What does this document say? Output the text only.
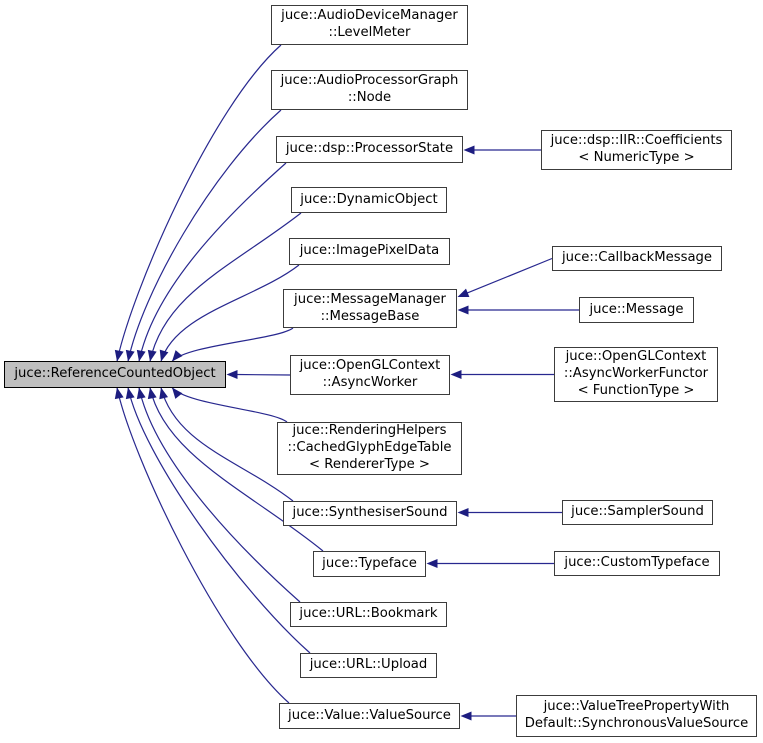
juce::ReferenceCountedObject
juce::AudioDeviceManager
::LevelMeter
juce::AudioProcessorGraph
::Node
juce::dsp::ProcessorState
juce::DynamicObject
juce::ImagePixelData
juce::MessageManager
::MessageBase
juce::OpenGLContext
::AsyncWorker
juce::RenderingHelpers
::CachedGlyphEdgeTable
< RendererType >
juce::SynthesiserSound
juce::Typeface
juce::URL::Bookmark
juce::URL::Upload
juce::Value::ValueSource
juce::dsp::IIR::Coefficients
< NumericType >
juce::CallbackMessage
juce::Message
juce::OpenGLContext
::AsyncWorkerFunctor
< FunctionType >
juce::SamplerSound
juce::CustomTypeface
juce::ValueTreePropertyWith
Default::SynchronousValueSource
